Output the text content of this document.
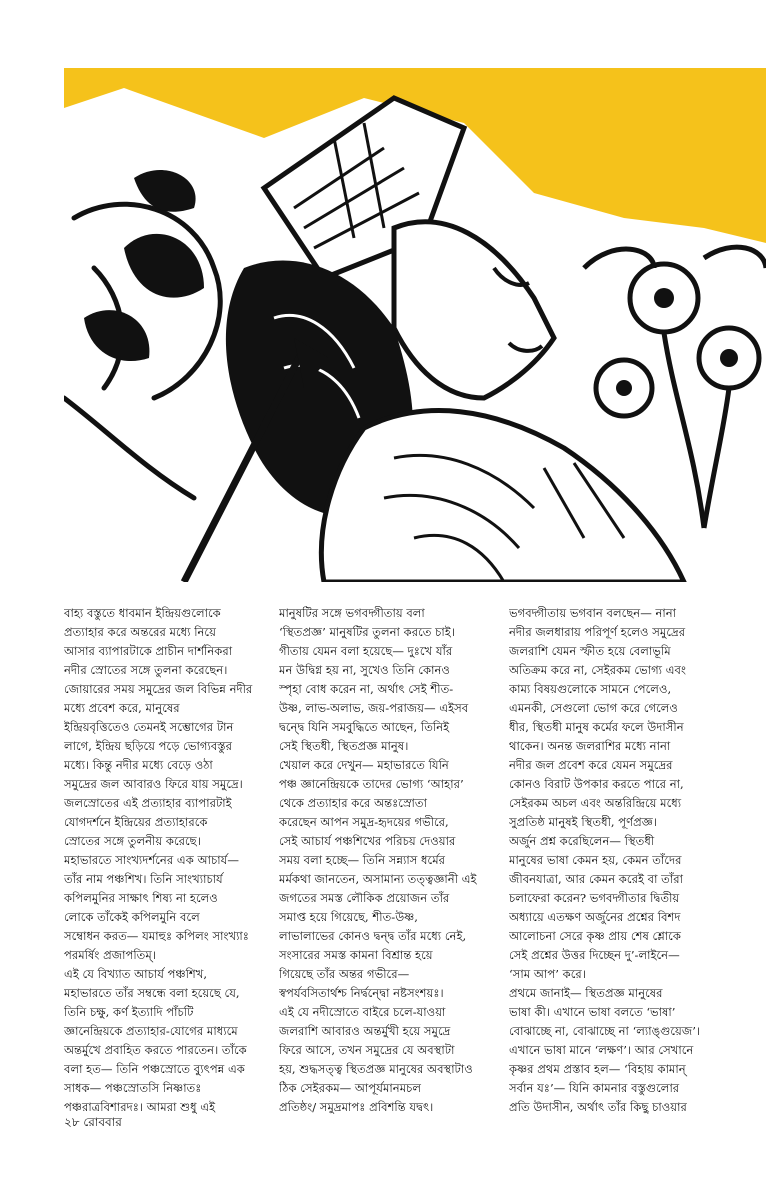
বাহ্য বস্তুতে ধাবমান ইন্দ্রিয়গুলোকে
প্রত্যাহার করে অন্তরের মধ্যে নিয়ে
আসার ব্যাপারটাকে প্রাচীন দার্শনিকরা
নদীর স্রোতের সঙ্গে তুলনা করেছেন।
জোয়ারের সময় সমুদ্রের জল বিভিন্ন নদীর
মধ্যে প্রবেশ করে, মানুষের
ইন্দ্রিয়বৃত্তিতেও তেমনই সম্ভোগের টান
লাগে, ইন্দ্রিয় ছড়িয়ে পড়ে ভোগ্যবস্তুর
মধ্যে। কিন্তু নদীর মধ্যে বেড়ে ওঠা
সমুদ্রের জল আবারও ফিরে যায় সমুদ্রে।
জলস্রোতের এই প্রত্যাহার ব্যাপারটাই
যোগদর্শনে ইন্দ্রিয়ের প্রত্যাহারকে
স্রোতের সঙ্গে তুলনীয় করেছে।
মহাভারতে সাংখ্যদর্শনের এক আচার্য—
তাঁর নাম পঞ্চশিখ। তিনি সাংখ্যাচার্য
কপিলমুনির সাক্ষাৎ শিষ্য না হলেও
লোকে তাঁকেই কপিলমুনি বলে
সম্বোধন করত— যমাহুঃ কপিলং সাংখ্যাঃ
পরমর্ষিং প্রজাপতিম্।
এই যে বিখ্যাত আচার্য পঞ্চশিখ,
মহাভারতে তাঁর সম্বন্ধে বলা হয়েছে যে,
তিনি চক্ষু, কর্ণ ইত্যাদি পাঁচটি
জ্ঞানেন্দ্রিয়কে প্রত্যাহার-যোগের মাধ্যমে
অন্তর্মুখে প্রবাহিত করতে পারতেন। তাঁকে
বলা হত— তিনি পঞ্চস্রোতে ব্যুৎপন্ন এক
সাধক— পঞ্চস্রোতসি নিষ্ণাতঃ
পঞ্চরাত্রবিশারদঃ। আমরা শুধু এই
মানুষটির সঙ্গে ভগবদ্গীতায় বলা
‘স্থিতপ্রজ্ঞ’ মানুষটির তুলনা করতে চাই।
গীতায় যেমন বলা হয়েছে— দুঃখে যাঁর
মন উদ্বিগ্ন হয় না, সুখেও তিনি কোনও
স্পৃহা বোধ করেন না, অর্থাৎ সেই শীত-
উষ্ণ, লাভ-অলাভ, জয়-পরাজয়— এইসব
দ্বন্দ্বে যিনি সমবুদ্ধিতে আছেন, তিনিই
সেই স্থিতধী, স্থিতপ্রজ্ঞ মানুষ।
খেয়াল করে দেখুন— মহাভারতে যিনি
পঞ্চ জ্ঞানেন্দ্রিয়কে তাদের ভোগ্য ‘আহার’
থেকে প্রত্যাহার করে অন্তঃস্রোতা
করেছেন আপন সমুদ্র-হৃদয়ের গভীরে,
সেই আচার্য পঞ্চশিখের পরিচয় দেওয়ার
সময় বলা হচ্ছে— তিনি সন্ন্যাস ধর্মের
মর্মকথা জানতেন, অসামান্য তত্ত্বজ্ঞানী এই
জগতের সমস্ত লৌকিক প্রয়োজন তাঁর
সমাপ্ত হয়ে গিয়েছে, শীত-উষ্ণ,
লাভালাভের কোনও দ্বন্দ্ব তাঁর মধ্যে নেই,
সংসারের সমস্ত কামনা বিশ্রান্ত হয়ে
গিয়েছে তাঁর অন্তর গভীরে—
স্বপর্যবসিতার্থশ্চ নির্দ্বন্দ্বো নষ্টসংশয়ঃ।
এই যে নদীস্রোতে বাইরে চলে-যাওয়া
জলরাশি আবারও অন্তর্মুখী হয়ে সমুদ্রে
ফিরে আসে, তখন সমুদ্রের যে অবস্থাটা
হয়, শুদ্ধসত্ত্ব স্থিতপ্রজ্ঞ মানুষের অবস্থাটাও
ঠিক সেইরকম— আপূর্যমানমচল
প্রতিষ্ঠং/ সমুদ্রমাপঃ প্রবিশন্তি যদ্বৎ।
ভগবদ্গীতায় ভগবান বলছেন— নানা
নদীর জলধারায় পরিপূর্ণ হলেও সমুদ্রের
জলরাশি যেমন স্ফীত হয়ে বেলাভূমি
অতিক্রম করে না, সেইরকম ভোগ্য এবং
কাম্য বিষয়গুলোকে সামনে পেলেও,
এমনকী, সেগুলো ভোগ করে গেলেও
ধীর, স্থিতধী মানুষ কর্মের ফলে উদাসীন
থাকেন। অনন্ত জলরাশির মধ্যে নানা
নদীর জল প্রবেশ করে যেমন সমুদ্রের
কোনও বিরাট উপকার করতে পারে না,
সেইরকম অচল এবং অন্তরিন্দ্রিয়ে মধ্যে
সুপ্রতিষ্ঠ মানুষই স্থিতধী, পূর্ণপ্রজ্ঞ।
অর্জুন প্রশ্ন করেছিলেন— স্থিতধী
মানুষের ভাষা কেমন হয়, কেমন তাঁদের
জীবনযাত্রা, আর কেমন করেই বা তাঁরা
চলাফেরা করেন? ভগবদ্গীতার দ্বিতীয়
অধ্যায়ে এতক্ষণ অর্জুনের প্রশ্নের বিশদ
আলোচনা সেরে কৃষ্ণ প্রায় শেষ শ্লোকে
সেই প্রশ্নের উত্তর দিচ্ছেন দু’-লাইনে—
‘সাম আপ’ করে।
প্রথমে জানাই— স্থিতপ্রজ্ঞ মানুষের
ভাষা কী। এখানে ভাষা বলতে ‘ভাষা’
বোঝাচ্ছে না, বোঝাচ্ছে না ‘ল্যাঙ্গুয়েজ’।
এখানে ভাষা মানে ‘লক্ষণ’। আর সেখানে
কৃষ্ণর প্রথম প্রস্তাব হল— ‘বিহায় কামান্
সর্বান যঃ’— যিনি কামনার বস্তুগুলোর
প্রতি উদাসীন, অর্থাৎ তাঁর কিছু চাওয়ার
২৮ রোববার
